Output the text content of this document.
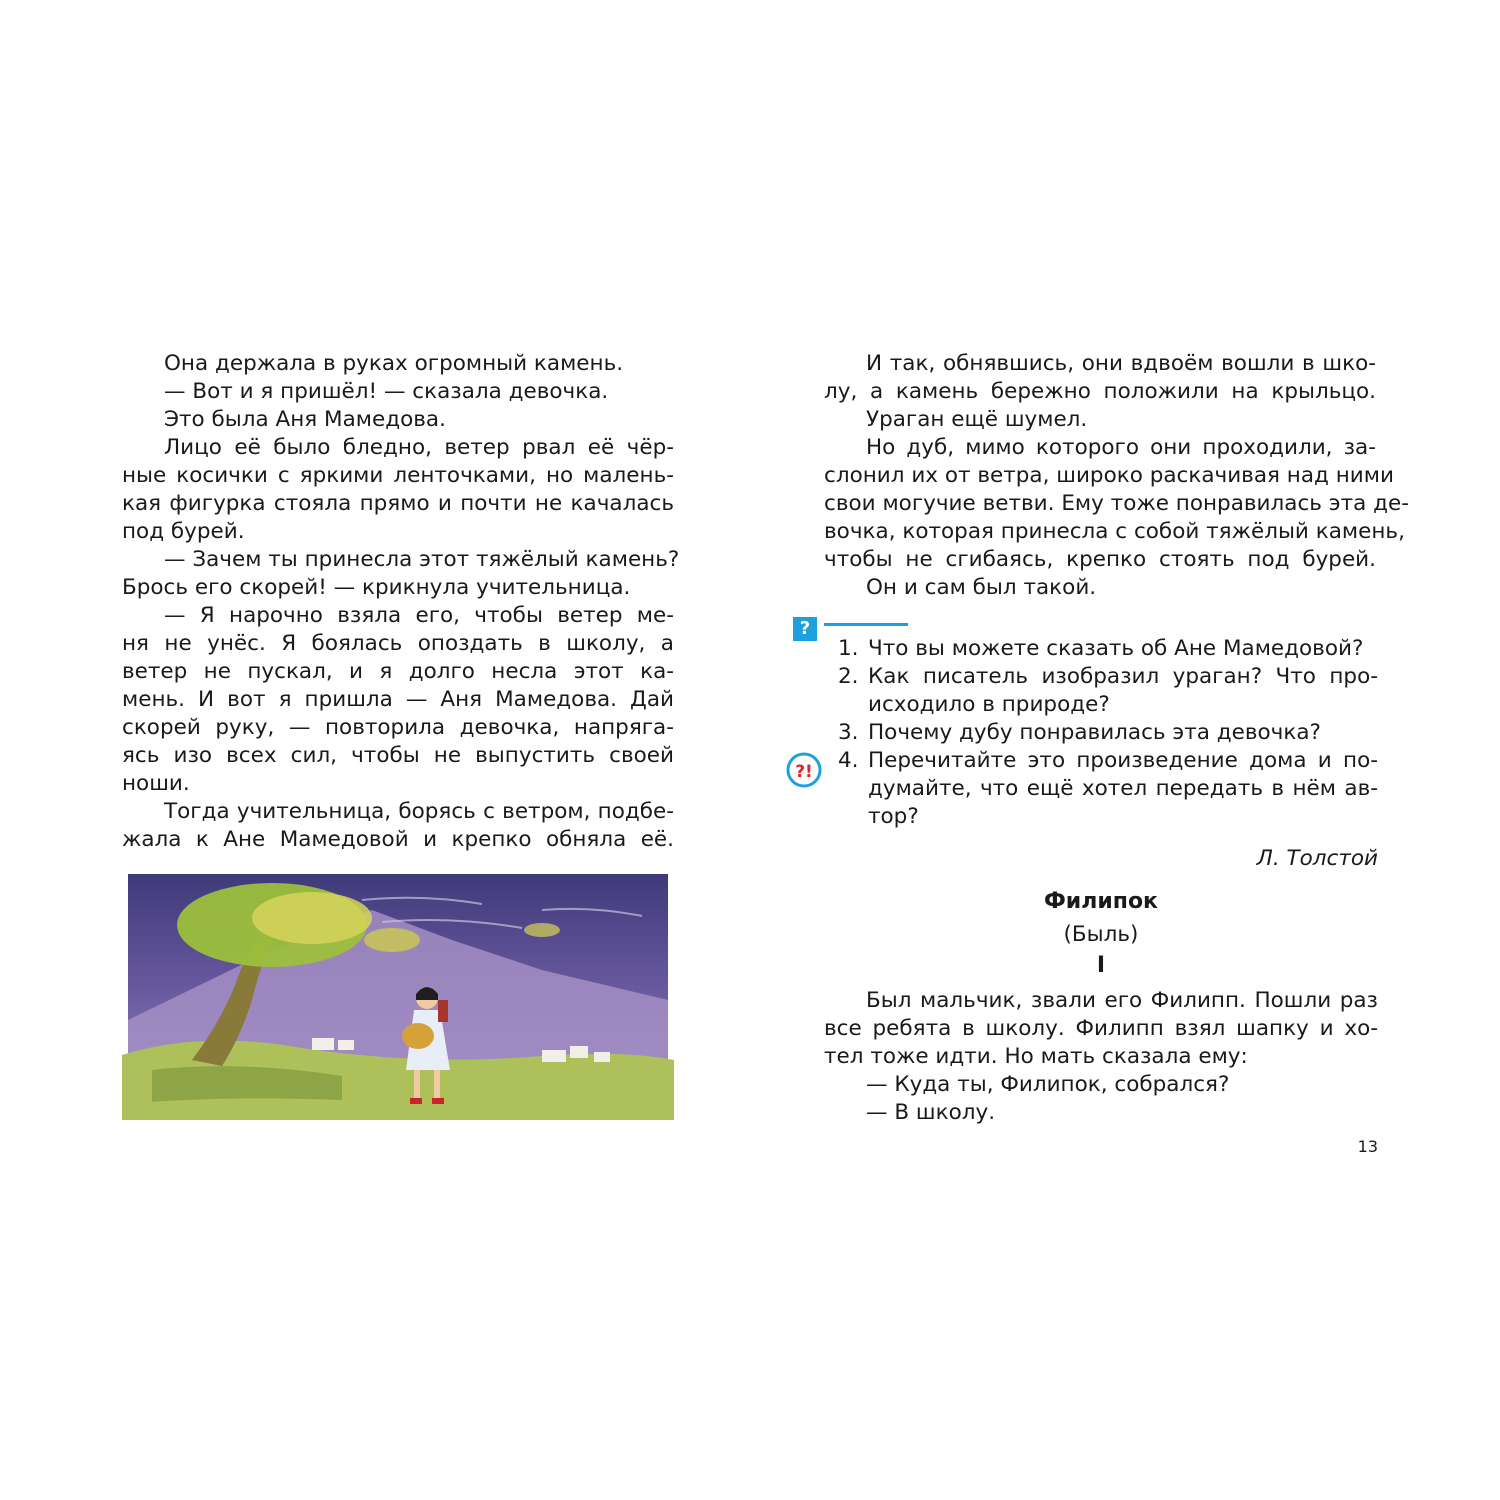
Она держала в руках огромный камень.
— Вот и я пришёл! — сказала девочка.
Это была Аня Мамедова.
Лицо её было бледно, ветер рвал её чёр-
ные косички с яркими ленточками, но малень-
кая фигурка стояла прямо и почти не качалась
под бурей.
— Зачем ты принесла этот тяжёлый камень?
Брось его скорей! — крикнула учительница.
— Я нарочно взяла его, чтобы ветер ме-
ня не унёс. Я боялась опоздать в школу, а
ветер не пускал, и я долго несла этот ка-
мень. И вот я пришла — Аня Мамедова. Дай
скорей руку, — повторила девочка, напряга-
ясь изо всех сил, чтобы не выпустить своей
ноши.
Тогда учительница, борясь с ветром, подбе-
жала к Ане Мамедовой и крепко обняла её.
И так, обнявшись, они вдвоём вошли в шко-
лу, а камень бережно положили на крыльцо.
Ураган ещё шумел.
Но дуб, мимо которого они проходили, за-
слонил их от ветра, широко раскачивая над ними
свои могучие ветви. Ему тоже понравилась эта де-
вочка, которая принесла с собой тяжёлый камень,
чтобы не сгибаясь, крепко стоять под бурей.
Он и сам был такой.
?
1. Что вы можете сказать об Ане Мамедовой?
2. Как писатель изобразил ураган? Что про-
исходило в природе?
3. Почему дубу понравилась эта девочка?
4. Перечитайте это произведение дома и по-
думайте, что ещё хотел передать в нём ав-
тор?
Л. Толстой
Филипок
(Быль)
I
Был мальчик, звали его Филипп. Пошли раз
все ребята в школу. Филипп взял шапку и хо-
тел тоже идти. Но мать сказала ему:
— Куда ты, Филипок, собрался?
— В школу.
?!
13
